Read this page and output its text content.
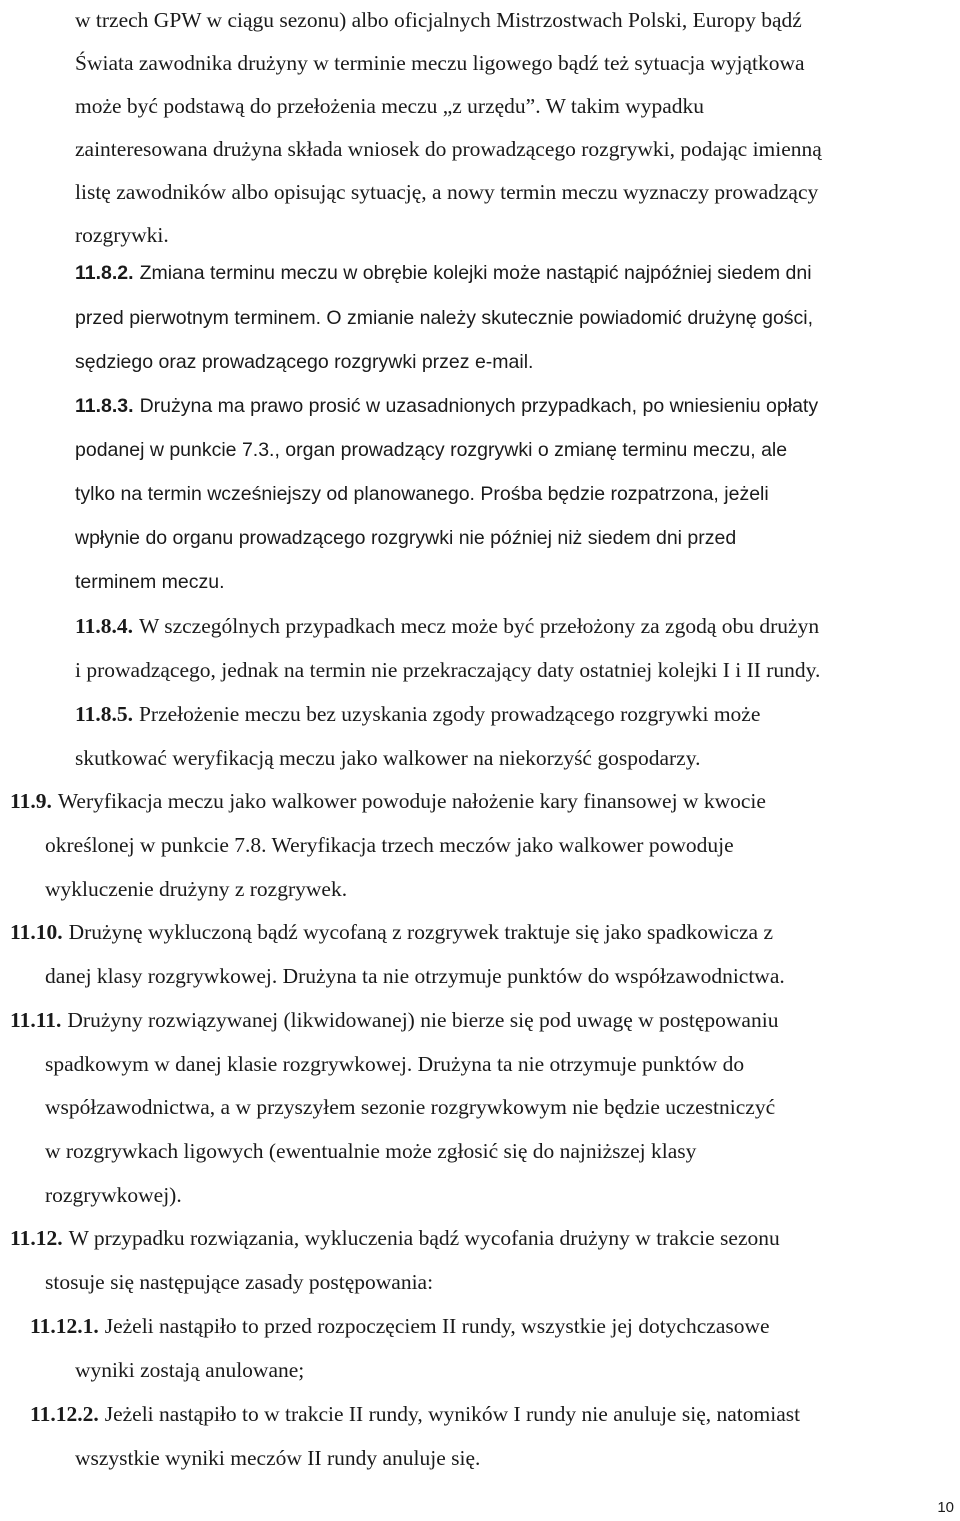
w trzech GPW w ciągu sezonu) albo oficjalnych Mistrzostwach Polski, Europy bądź
Świata zawodnika drużyny w terminie meczu ligowego bądź też sytuacja wyjątkowa
może być podstawą do przełożenia meczu „z urzędu”. W takim wypadku
zainteresowana drużyna składa wniosek do prowadzącego rozgrywki, podając imienną
listę zawodników albo opisując sytuację, a nowy termin meczu wyznaczy prowadzący
rozgrywki.
11.8.2. Zmiana terminu meczu w obrębie kolejki może nastąpić najpóźniej siedem dni
przed pierwotnym terminem. O zmianie należy skutecznie powiadomić drużynę gości,
sędziego oraz prowadzącego rozgrywki przez e-mail.
11.8.3. Drużyna ma prawo prosić w uzasadnionych przypadkach, po wniesieniu opłaty
podanej w punkcie 7.3., organ prowadzący rozgrywki o zmianę terminu meczu, ale
tylko na termin wcześniejszy od planowanego. Prośba będzie rozpatrzona, jeżeli
wpłynie do organu prowadzącego rozgrywki nie później niż siedem dni przed
terminem meczu.
11.8.4. W szczególnych przypadkach mecz może być przełożony za zgodą obu drużyn
i prowadzącego, jednak na termin nie przekraczający daty ostatniej kolejki I i II rundy.
11.8.5. Przełożenie meczu bez uzyskania zgody prowadzącego rozgrywki może
skutkować weryfikacją meczu jako walkower na niekorzyść gospodarzy.
11.9. Weryfikacja meczu jako walkower powoduje nałożenie kary finansowej w kwocie
określonej w punkcie 7.8. Weryfikacja trzech meczów jako walkower powoduje
wykluczenie drużyny z rozgrywek.
11.10. Drużynę wykluczoną bądź wycofaną z rozgrywek traktuje się jako spadkowicza z
danej klasy rozgrywkowej. Drużyna ta nie otrzymuje punktów do współzawodnictwa.
11.11. Drużyny rozwiązywanej (likwidowanej) nie bierze się pod uwagę w postępowaniu
spadkowym w danej klasie rozgrywkowej. Drużyna ta nie otrzymuje punktów do
współzawodnictwa, a w przyszyłem sezonie rozgrywkowym nie będzie uczestniczyć
w rozgrywkach ligowych (ewentualnie może zgłosić się do najniższej klasy
rozgrywkowej).
11.12. W przypadku rozwiązania, wykluczenia bądź wycofania drużyny w trakcie sezonu
stosuje się następujące zasady postępowania:
11.12.1. Jeżeli nastąpiło to przed rozpoczęciem II rundy, wszystkie jej dotychczasowe
wyniki zostają anulowane;
11.12.2. Jeżeli nastąpiło to w trakcie II rundy, wyników I rundy nie anuluje się, natomiast
wszystkie wyniki meczów II rundy anuluje się.
10
